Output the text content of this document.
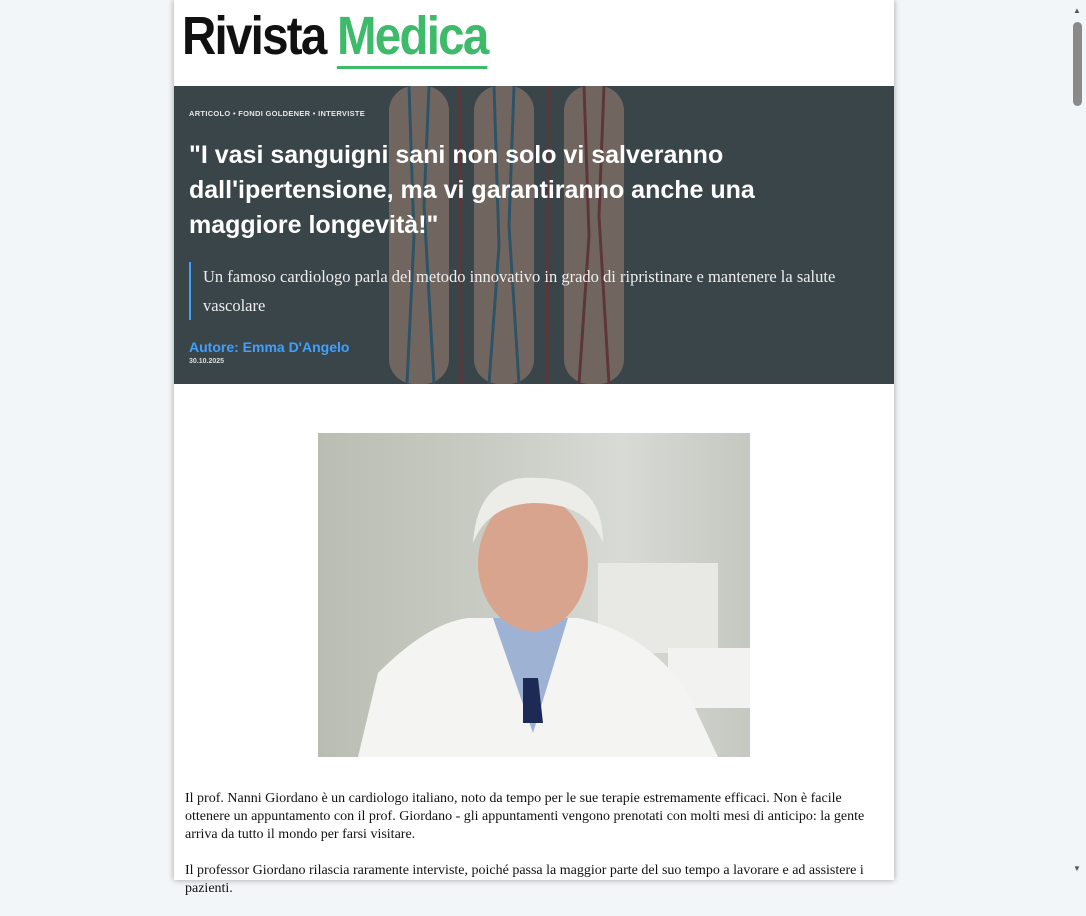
Rivista Medica
ARTICOLO • FONDI GOLDENER • INTERVISTE
"I vasi sanguigni sani non solo vi salveranno dall'ipertensione, ma vi garantiranno anche una maggiore longevità!"
Un famoso cardiologo parla del metodo innovativo in grado di ripristinare e mantenere la salute vascolare
Autore: Emma D'Angelo
30.10.2025

Il prof. Nanni Giordano è un cardiologo italiano, noto da tempo per le sue terapie estremamente efficaci. Non è facile ottenere un appuntamento con il prof. Giordano - gli appuntamenti vengono prenotati con molti mesi di anticipo: la gente arriva da tutto il mondo per farsi visitare.

Il professor Giordano rilascia raramente interviste, poiché passa la maggior parte del suo tempo a lavorare e ad assistere i pazienti.

▲
▼
